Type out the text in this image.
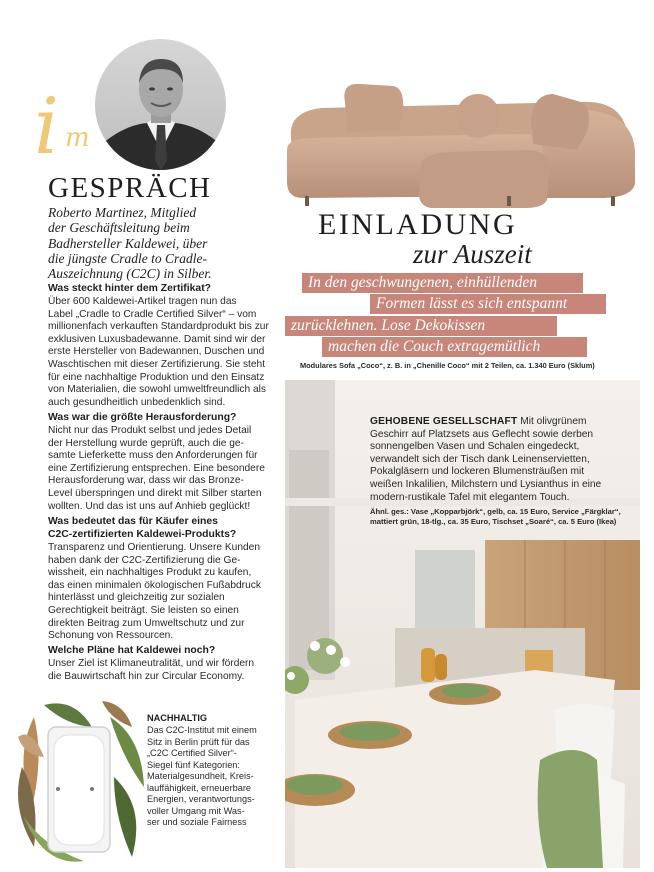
i m
GESPRÄCH
Roberto Martinez, Mitglied
der Geschäftsleitung beim
Badhersteller Kaldewei, über
die jüngste Cradle to Cradle-
Auszeichnung (C2C) in Silber.
Was steckt hinter dem Zertifikat?
Über 600 Kaldewei-Artikel tragen nun das
Label „Cradle to Cradle Certified Silver“ – vom
millionenfach verkauften Standardprodukt bis zur
exklusiven Luxusbadewanne. Damit sind wir der
erste Hersteller von Badewannen, Duschen und
Waschtischen mit dieser Zertifizierung. Sie steht
für eine nachhaltige Produktion und den Einsatz
von Materialien, die sowohl umweltfreundlich als
auch gesundheitlich unbedenklich sind.
Was war die größte Herausforderung?
Nicht nur das Produkt selbst und jedes Detail
der Herstellung wurde geprüft, auch die ge-
samte Lieferkette muss den Anforderungen für
eine Zertifizierung entsprechen. Eine besondere
Herausforderung war, dass wir das Bronze-
Level überspringen und direkt mit Silber starten
wollten. Und das ist uns auf Anhieb geglückt!
Was bedeutet das für Käufer eines
C2C-zertifizierten Kaldewei-Produkts?
Transparenz und Orientierung. Unsere Kunden
haben dank der C2C-Zertifizierung die Ge-
wissheit, ein nachhaltiges Produkt zu kaufen,
das einen minimalen ökologischen Fußabdruck
hinterlässt und gleichzeitig zur sozialen
Gerechtigkeit beiträgt. Sie leisten so einen
direkten Beitrag zum Umweltschutz und zur
Schonung von Ressourcen.
Welche Pläne hat Kaldewei noch?
Unser Ziel ist Klimaneutralität, und wir fördern
die Bauwirtschaft hin zur Circular Economy.
NACHHALTIG
Das C2C-Institut mit einem
Sitz in Berlin prüft für das
„C2C Certified Silver“-
Siegel fünf Kategorien:
Materialgesundheit, Kreis-
lauffähigkeit, erneuerbare
Energien, verantwortungs-
voller Umgang mit Was-
ser und soziale Fairness
EINLADUNG
zur Auszeit
In den geschwungenen, einhüllenden
Formen lässt es sich entspannt
zurücklehnen. Lose Dekokissen
machen die Couch extragemütlich
Modulares Sofa „Coco“, z. B. in „Chenille Coco“ mit 2 Teilen, ca. 1.340 Euro (Sklum)
GEHOBENE GESELLSCHAFT Mit olivgrünem
Geschirr auf Platzsets aus Geflecht sowie derben
sonnengelben Vasen und Schalen eingedeckt,
verwandelt sich der Tisch dank Leinenservietten,
Pokalgläsern und lockeren Blumensträußen mit
weißen Inkalilien, Milchstern und Lysianthus in eine
modern-rustikale Tafel mit elegantem Touch.
Ähnl. ges.: Vase „Kopparbjörk“, gelb, ca. 15 Euro, Service „Färgklar“,
mattiert grün, 18-tlg., ca. 35 Euro, Tischset „Soaré“, ca. 5 Euro (Ikea)
